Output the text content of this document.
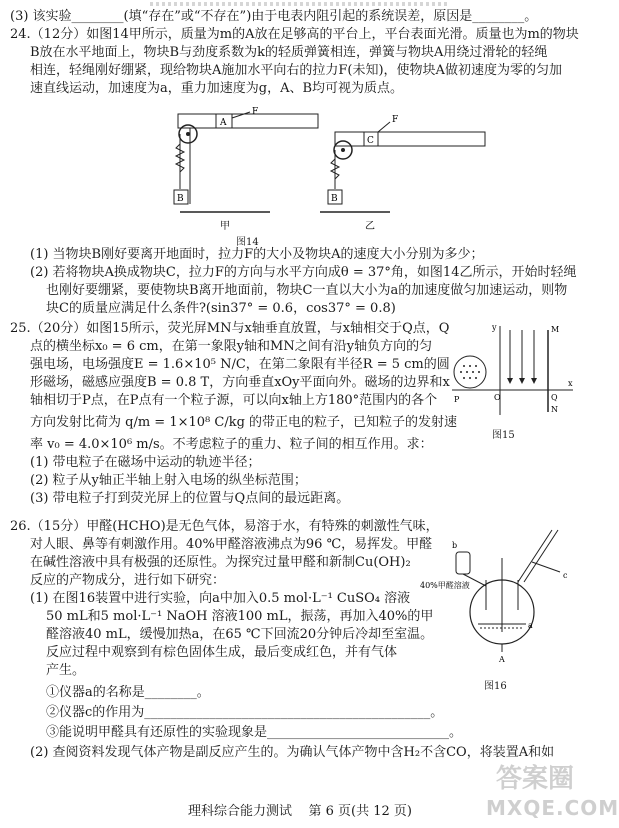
(3) 该实验________(填“存在”或“不存在”)由于电表内阻引起的系统误差，原因是________。
24.（12分）如图14甲所示，质量为m的A放在足够高的平台上，平台表面光滑。质量也为m的物块
B放在水平地面上，物块B与劲度系数为k的轻质弹簧相连，弹簧与物块A用绕过滑轮的轻绳
相连，轻绳刚好绷紧，现给物块A施加水平向右的拉力F(未知)，使物块A做初速度为零的匀加
速直线运动，加速度为a，重力加速度为g，A、B均可视为质点。
A
F
B
甲
B
C
F
乙
图14
(1) 当物块B刚好要离开地面时，拉力F的大小及物块A的速度大小分别为多少；
(2) 若将物块A换成物块C，拉力F的方向与水平方向成θ = 37°角，如图14乙所示，开始时轻绳
也刚好要绷紧，要使物块B离开地面前，物块C一直以大小为a的加速度做匀加速运动，则物
块C的质量应满足什么条件?(sin37° = 0.6，cos37° = 0.8)
25.（20分）如图15所示，荧光屏MN与x轴垂直放置，与x轴相交于Q点，Q
点的横坐标x₀ = 6 cm，在第一象限y轴和MN之间有沿y轴负方向的匀
强电场，电场强度E = 1.6×10⁵ N/C，在第二象限有半径R = 5 cm的圆
形磁场，磁感应强度B = 0.8 T，方向垂直xOy平面向外。磁场的边界和x
轴相切于P点，在P点有一个粒子源，可以向x轴上方180°范围内的各个
方向发射比荷为 q/m = 1×10⁸ C/kg 的带正电的粒子，已知粒子的发射速
率 v₀ = 4.0×10⁶ m/s。不考虑粒子的重力、粒子间的相互作用。求：
(1) 带电粒子在磁场中运动的轨迹半径；
(2) 粒子从y轴正半轴上射入电场的纵坐标范围；
(3) 带电粒子打到荧光屏上的位置与Q点间的最远距离。
y	M
x
O	Q
N
P
图15
26.（15分）甲醛(HCHO)是无色气体，易溶于水，有特殊的刺激性气味，
对人眼、鼻等有刺激作用。40%甲醛溶液沸点为96 ℃，易挥发。甲醛
在碱性溶液中具有极强的还原性。为探究过量甲醛和新制Cu(OH)₂
反应的产物成分，进行如下研究：
(1) 在图16装置中进行实验，向a中加入0.5 mol·L⁻¹ CuSO₄ 溶液
50 mL和5 mol·L⁻¹ NaOH 溶液100 mL，振荡，再加入40%的甲
醛溶液40 mL，缓慢加热a，在65 ℃下回流20分钟后冷却至室温。
反应过程中观察到有棕色固体生成，最后变成红色，并有气体
产生。
①仪器a的名称是________。
②仪器c的作用为____________________________________________。
③能说明甲醛具有还原性的实验现象是____________________________。
(2) 查阅资料发现气体产物是副反应产生的。为确认气体产物中含H₂不含CO，将装置A和如
40%甲醛溶液
b
c
a
A
图16
理科综合能力测试 第 6 页(共 12 页)
答案圈
MXQE.COM
